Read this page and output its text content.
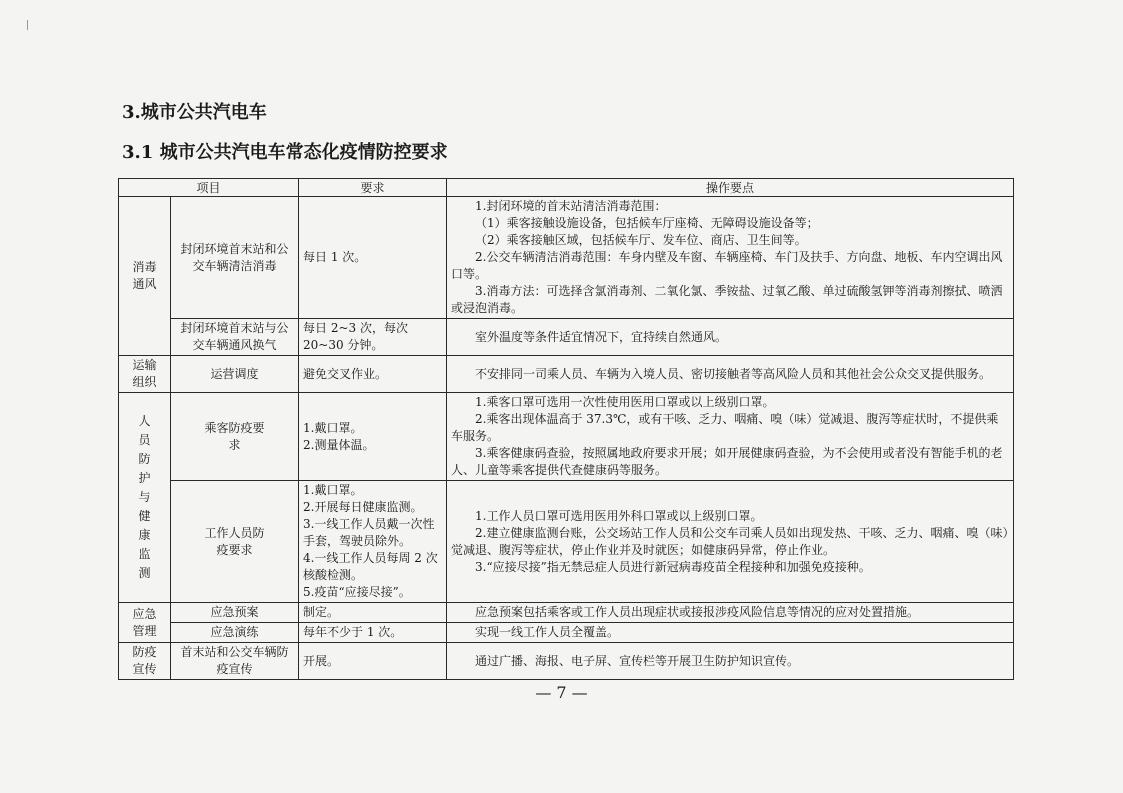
3.城市公共汽电车
3.1 城市公共汽电车常态化疫情防控要求
项目		要求	操作要点

消毒通风	封闭环境首末站和公交车辆清洁消毒	每日 1 次。	1.封闭环境的首末站清洁消毒范围：
（1）乘客接触设施设备，包括候车厅座椅、无障碍设施设备等；
（2）乘客接触区域，包括候车厅、发车位、商店、卫生间等。
2.公交车辆清洁消毒范围：车身内壁及车窗、车辆座椅、车门及扶手、方向盘、地板、车内空调出风口等。
3.消毒方法：可选择含氯消毒剂、二氧化氯、季铵盐、过氧乙酸、单过硫酸氢钾等消毒剂擦拭、喷洒或浸泡消毒。

	封闭环境首末站与公交车辆通风换气	每日 2~3 次，每次 20~30 分钟。	室外温度等条件适宜情况下，宜持续自然通风。

运输组织	运营调度	避免交叉作业。	不安排同一司乘人员、车辆为入境人员、密切接触者等高风险人员和其他社会公众交叉提供服务。

人员防护与健康监测	乘客防疫要求	1.戴口罩。
2.测量体温。	1.乘客口罩可选用一次性使用医用口罩或以上级别口罩。
2.乘客出现体温高于 37.3℃，或有干咳、乏力、咽痛、嗅（味）觉减退、腹泻等症状时，不提供乘车服务。
3.乘客健康码查验，按照属地政府要求开展；如开展健康码查验，为不会使用或者没有智能手机的老人、儿童等乘客提供代查健康码等服务。

	工作人员防疫要求	1.戴口罩。
2.开展每日健康监测。
3.一线工作人员戴一次性手套，驾驶员除外。
4.一线工作人员每周 2 次核酸检测。
5.疫苗“应接尽接”。	1.工作人员口罩可选用医用外科口罩或以上级别口罩。
2.建立健康监测台账，公交场站工作人员和公交车司乘人员如出现发热、干咳、乏力、咽痛、嗅（味）觉减退、腹泻等症状，停止作业并及时就医；如健康码异常，停止作业。
3.“应接尽接”指无禁忌症人员进行新冠病毒疫苗全程接种和加强免疫接种。

应急管理	应急预案	制定。	应急预案包括乘客或工作人员出现症状或接报涉疫风险信息等情况的应对处置措施。
	应急演练	每年不少于 1 次。	实现一线工作人员全覆盖。

防疫宣传	首末站和公交车辆防疫宣传	开展。	通过广播、海报、电子屏、宣传栏等开展卫生防护知识宣传。
— 7 —
